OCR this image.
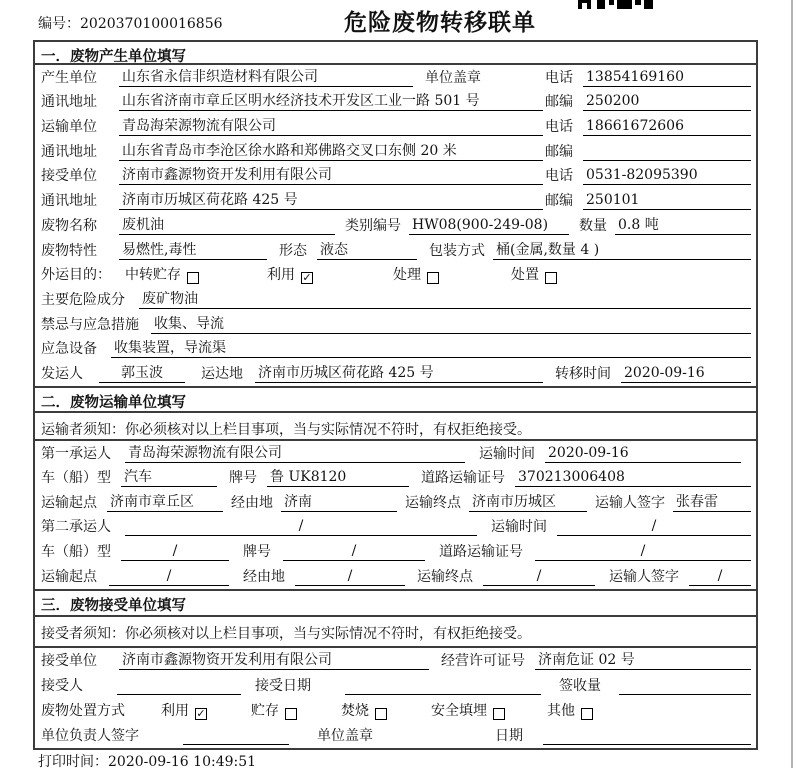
编号：2020370100016856	危险废物转移联单
一．废物产生单位填写
产生单位	山东省永信非织造材料有限公司	单位盖章	电话 13854169160
通讯地址	山东省济南市章丘区明水经济技术开发区工业一路 501 号	邮编 250200
运输单位	青岛海荣源物流有限公司	电话 18661672606
通讯地址	山东省青岛市李沧区徐水路和郑佛路交叉口东侧 20 米	邮编
接受单位	济南市鑫源物资开发利用有限公司	电话 0531-82095390
通讯地址	济南市历城区荷花路 425 号	邮编 250101
废物名称	废机油	类别编号 HW08(900-249-08)	数量 0.8 吨
废物特性	易燃性,毒性	形态 液态	包装方式 桶(金属,数量 4 )
外运目的： 中转贮存	利用 ✓	处理	处置
主要危险成分 废矿物油
禁忌与应急措施 收集、导流
应急设备 收集装置，导流渠
发运人	郭玉波	运达地 济南市历城区荷花路 425 号	转移时间 2020-09-16
二．废物运输单位填写
运输者须知：你必须核对以上栏目事项，当与实际情况不符时，有权拒绝接受。
第一承运人 青岛海荣源物流有限公司	运输时间 2020-09-16
车（船）型 汽车	牌号 鲁 UK8120	道路运输证号 370213006408
运输起点 济南市章丘区	经由地 济南	运输终点 济南市历城区	运输人签字 张春雷
第二承运人	/	运输时间	/
车（船）型	/	牌号	/	道路运输证号	/
运输起点	/	经由地	/	运输终点	/	运输人签字	/
三．废物接受单位填写
接受者须知：你必须核对以上栏目事项，当与实际情况不符时，有权拒绝接受。
接受单位 济南市鑫源物资开发利用有限公司	经营许可证号 济南危证 02 号
接受人	接受日期	签收量
废物处置方式	利用 ✓	贮存	焚烧	安全填埋	其他
单位负责人签字	单位盖章	日期
打印时间：2020-09-16 10:49:51
